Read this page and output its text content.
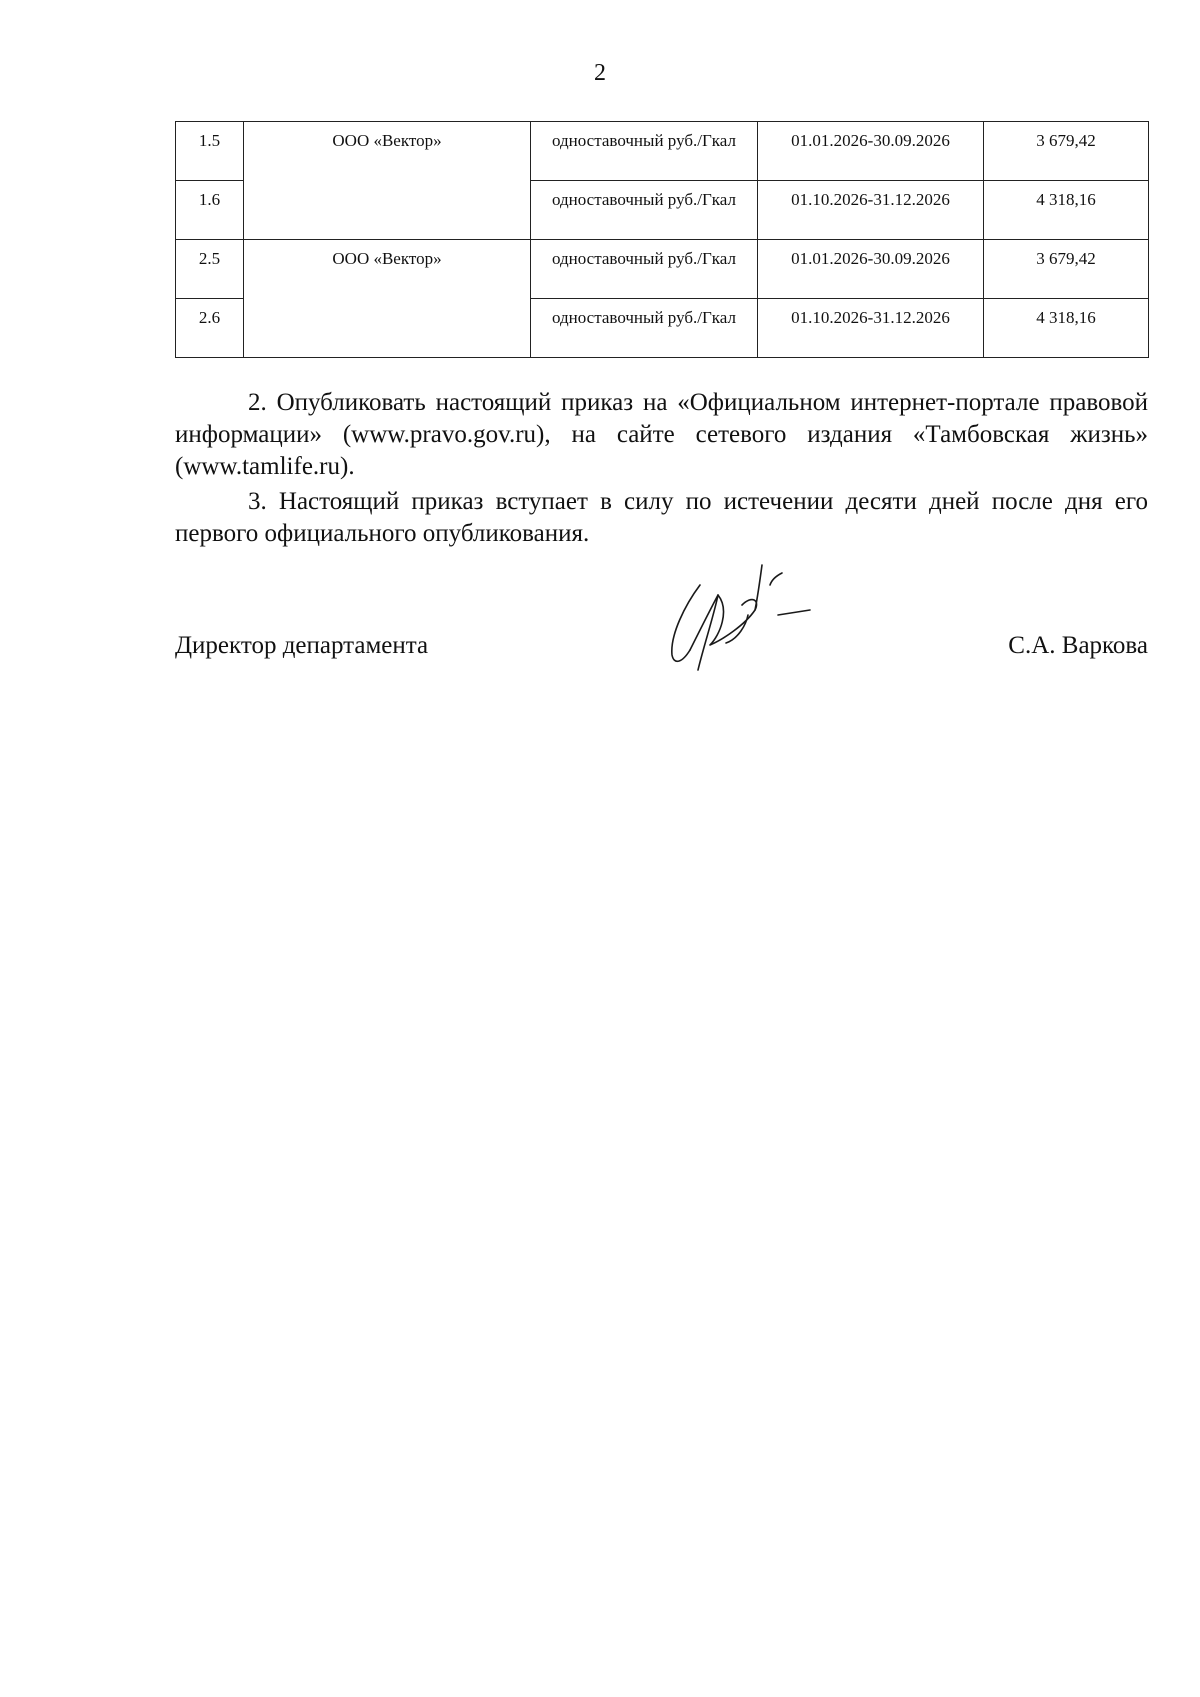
2
1.5	ООО «Вектор»	одноставочный руб./Гкал	01.01.2026-30.09.2026	3 679,42
1.6		одноставочный руб./Гкал	01.10.2026-31.12.2026	4 318,16
2.5	ООО «Вектор»	одноставочный руб./Гкал	01.01.2026-30.09.2026	3 679,42
2.6		одноставочный руб./Гкал	01.10.2026-31.12.2026	4 318,16

2. Опубликовать настоящий приказ на «Официальном интернет-портале правовой информации» (www.pravo.gov.ru), на сайте сетевого издания «Тамбовская жизнь» (www.tamlife.ru).

3. Настоящий приказ вступает в силу по истечении десяти дней после дня его первого официального опубликования.

Директор департамента	С.А. Варкова
